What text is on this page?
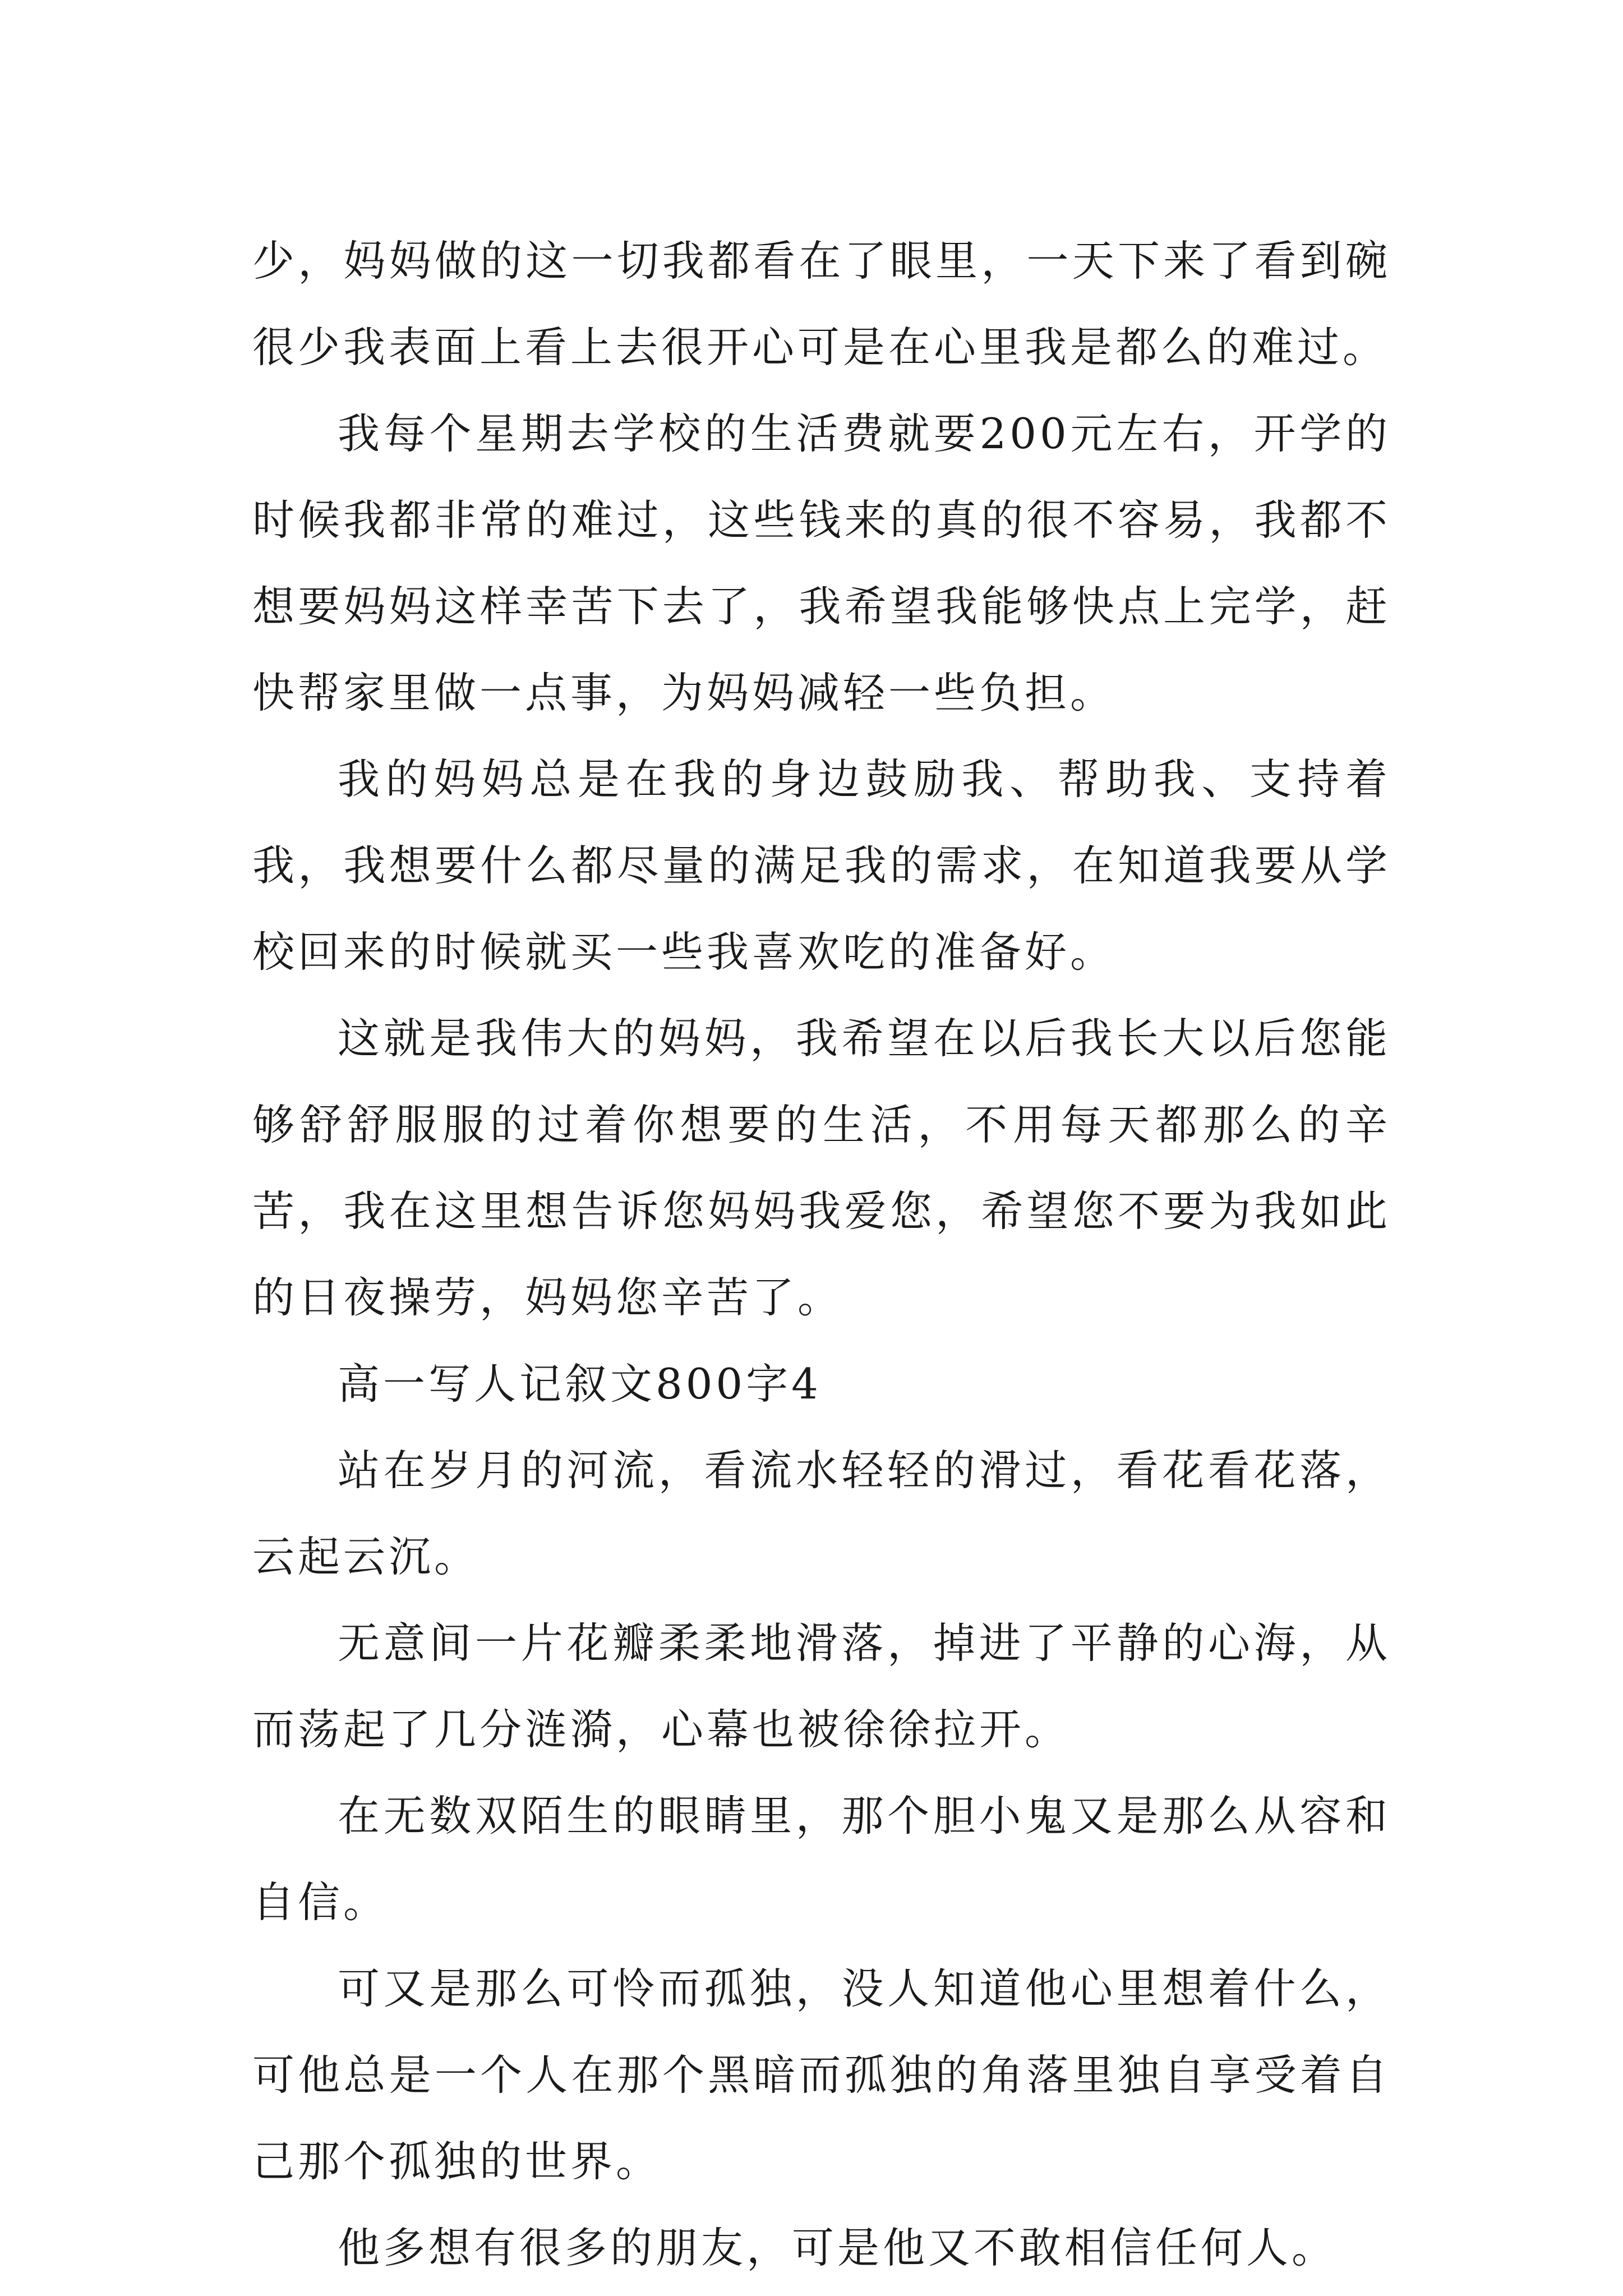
少，妈妈做的这一切我都看在了眼里，一天下来了看到碗很少我表面上看上去很开心可是在心里我是都么的难过。

我每个星期去学校的生活费就要200元左右，开学的时候我都非常的难过，这些钱来的真的很不容易，我都不想要妈妈这样幸苦下去了，我希望我能够快点上完学，赶快帮家里做一点事，为妈妈减轻一些负担。

我的妈妈总是在我的身边鼓励我、帮助我、支持着我，我想要什么都尽量的满足我的需求，在知道我要从学校回来的时候就买一些我喜欢吃的准备好。

这就是我伟大的妈妈，我希望在以后我长大以后您能够舒舒服服的过着你想要的生活，不用每天都那么的辛苦，我在这里想告诉您妈妈我爱您，希望您不要为我如此的日夜操劳，妈妈您辛苦了。

高一写人记叙文800字4

站在岁月的河流，看流水轻轻的滑过，看花看花落，云起云沉。

无意间一片花瓣柔柔地滑落，掉进了平静的心海，从而荡起了几分涟漪，心幕也被徐徐拉开。

在无数双陌生的眼睛里，那个胆小鬼又是那么从容和自信。

可又是那么可怜而孤独，没人知道他心里想着什么，可他总是一个人在那个黑暗而孤独的角落里独自享受着自己那个孤独的世界。

他多想有很多的朋友，可是他又不敢相信任何人。
